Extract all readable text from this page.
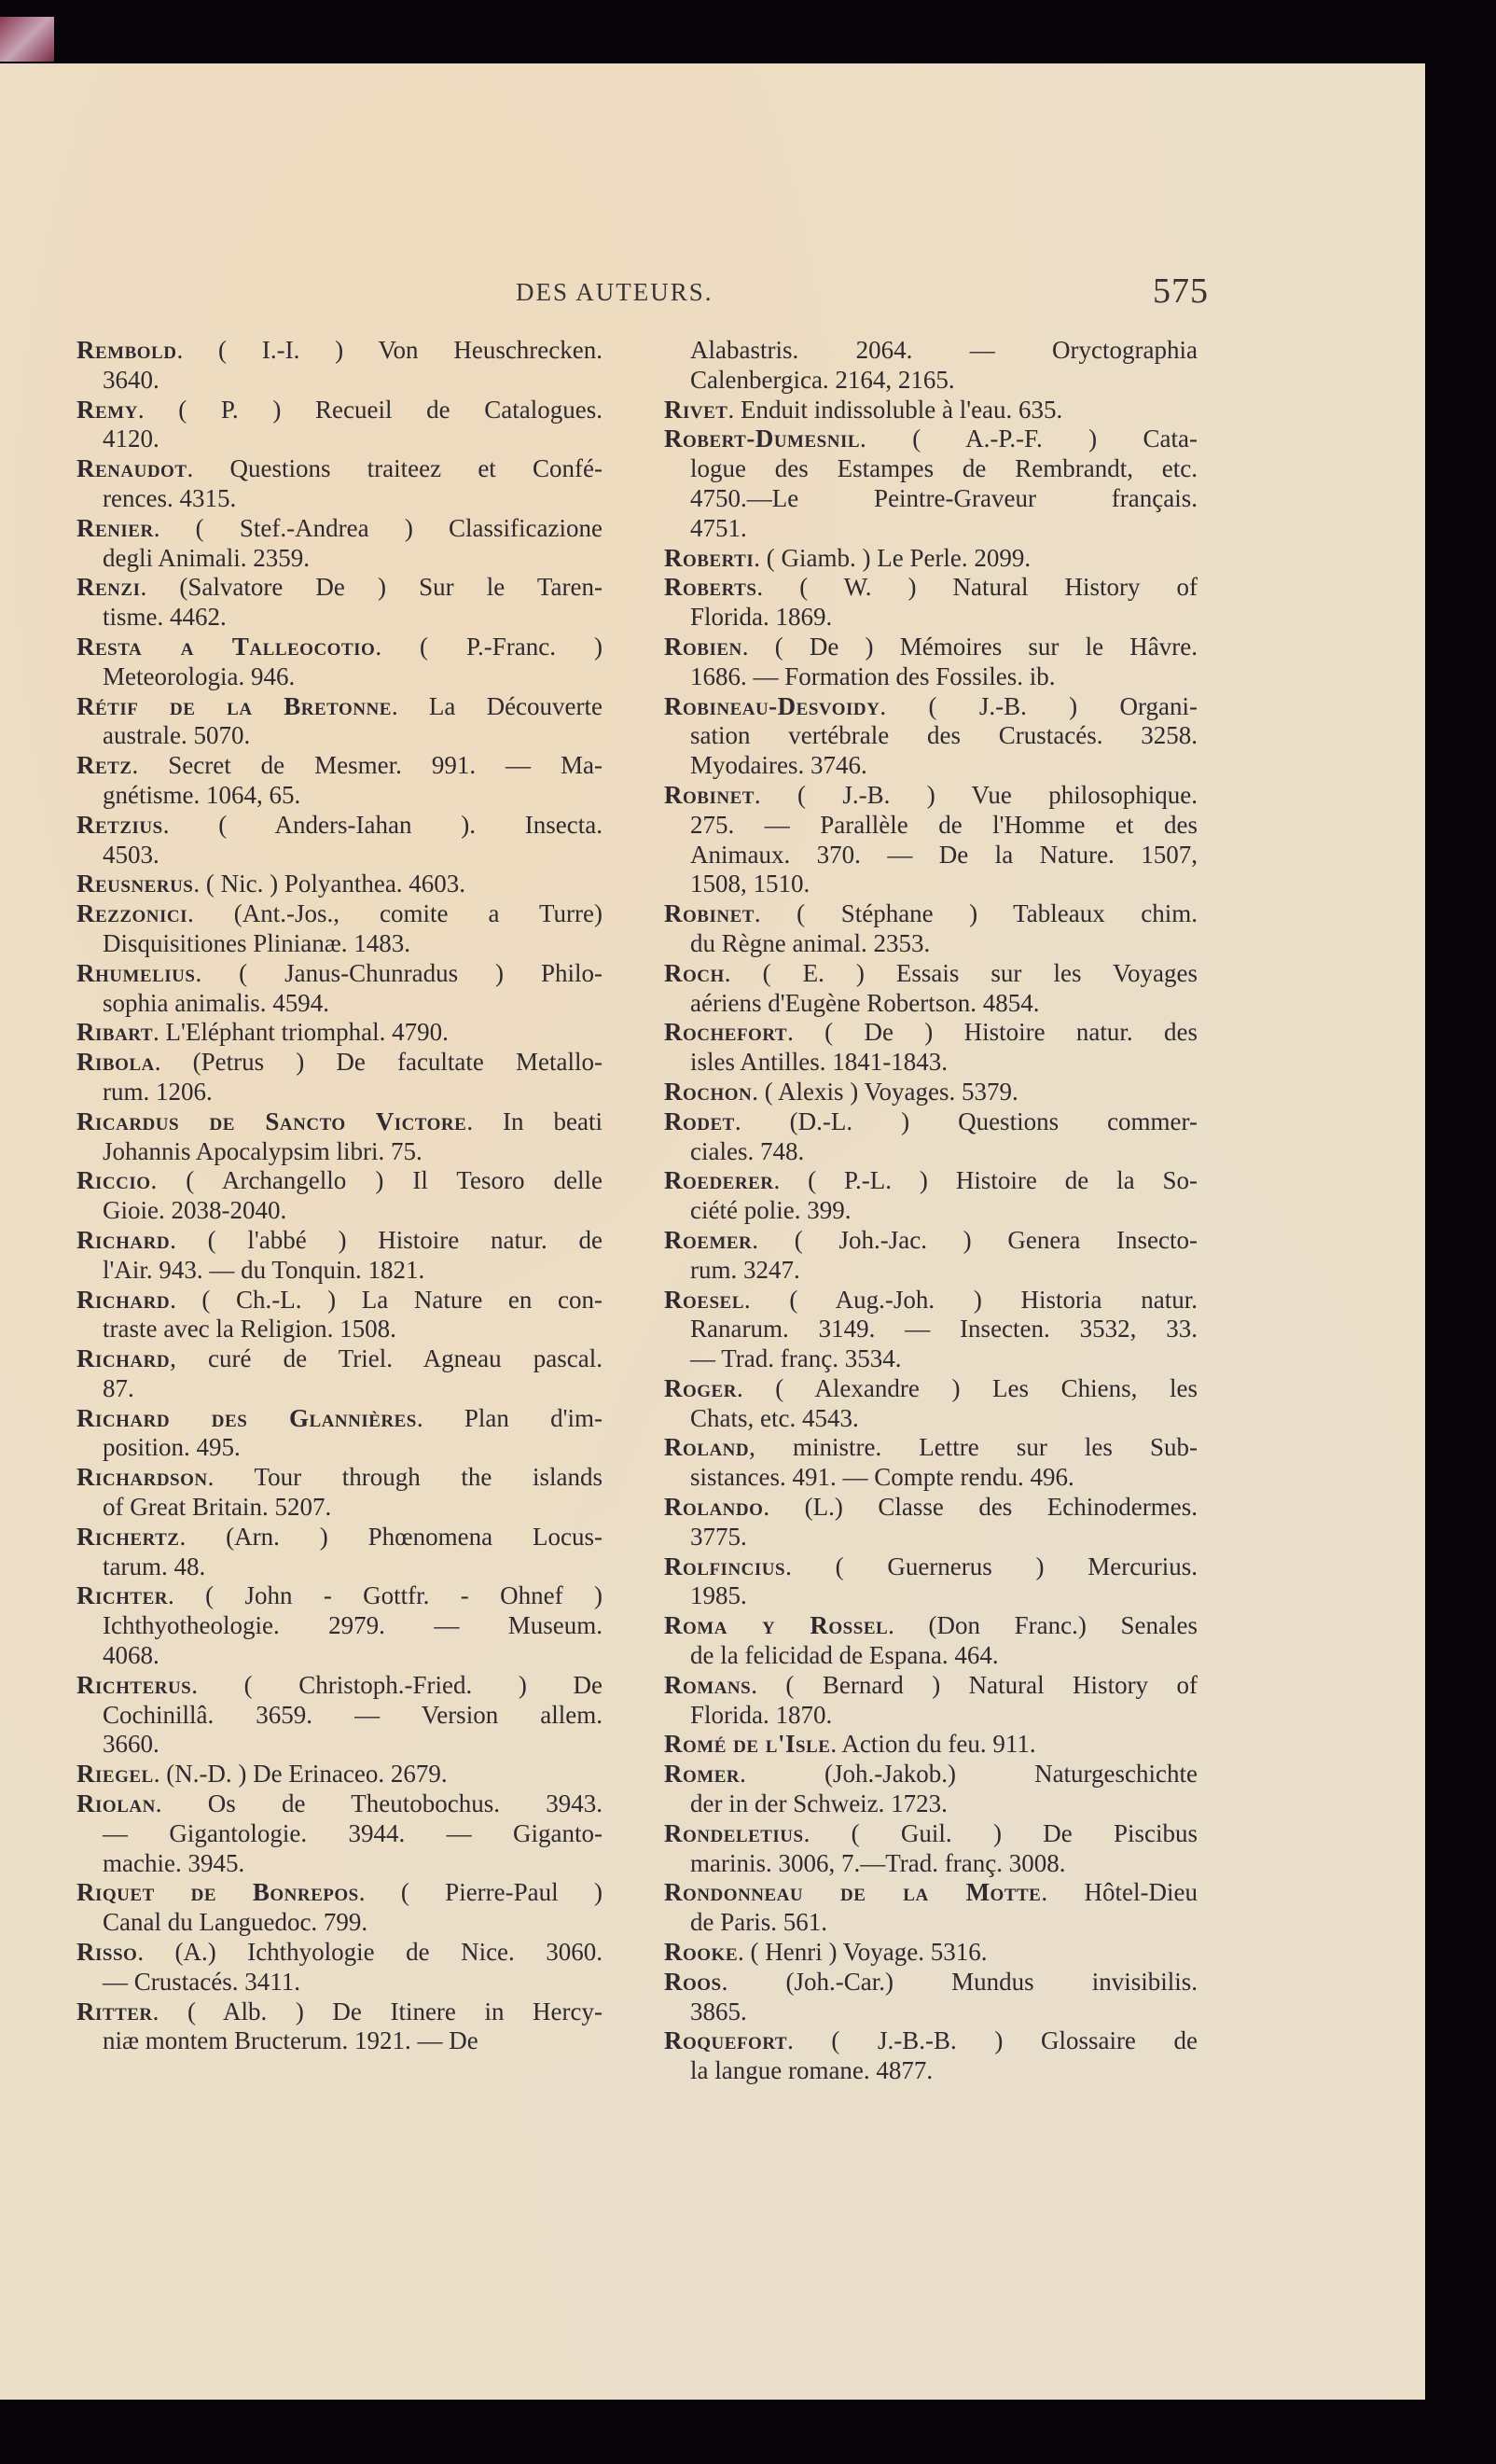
DES AUTEURS.	575
Rembold. ( I.-I. ) Von Heuschrecken.
3640.
Remy. ( P. ) Recueil de Catalogues.
4120.
Renaudot. Questions traiteez et Confé-
rences. 4315.
Renier. ( Stef.-Andrea ) Classificazione
degli Animali. 2359.
Renzi. (Salvatore De ) Sur le Taren-
tisme. 4462.
Resta a Talleocotio. ( P.-Franc. )
Meteorologia. 946.
Rétif de la Bretonne. La Découverte
australe. 5070.
Retz. Secret de Mesmer. 991. — Ma-
gnétisme. 1064, 65.
Retzius. ( Anders-Iahan ). Insecta.
4503.
Reusnerus. ( Nic. ) Polyanthea. 4603.
Rezzonici. (Ant.-Jos., comite a Turre)
Disquisitiones Plinianæ. 1483.
Rhumelius. ( Janus-Chunradus ) Philo-
sophia animalis. 4594.
Ribart. L'Eléphant triomphal. 4790.
Ribola. (Petrus ) De facultate Metallo-
rum. 1206.
Ricardus de Sancto Victore. In beati
Johannis Apocalypsim libri. 75.
Riccio. ( Archangello ) Il Tesoro delle
Gioie. 2038-2040.
Richard. ( l'abbé ) Histoire natur. de
l'Air. 943. — du Tonquin. 1821.
Richard. ( Ch.-L. ) La Nature en con-
traste avec la Religion. 1508.
Richard, curé de Triel. Agneau pascal.
87.
Richard des Glannières. Plan d'im-
position. 495.
Richardson. Tour through the islands
of Great Britain. 5207.
Richertz. (Arn. ) Phœnomena Locus-
tarum. 48.
Richter. ( John - Gottfr. - Ohnef )
Ichthyotheologie. 2979. — Museum.
4068.
Richterus. ( Christoph.-Fried. ) De
Cochinillâ. 3659. — Version allem.
3660.
Riegel. (N.-D. ) De Erinaceo. 2679.
Riolan. Os de Theutobochus. 3943.
— Gigantologie. 3944. — Giganto-
machie. 3945.
Riquet de Bonrepos. ( Pierre-Paul )
Canal du Languedoc. 799.
Risso. (A.) Ichthyologie de Nice. 3060.
— Crustacés. 3411.
Ritter. ( Alb. ) De Itinere in Hercy-
niæ montem Bructerum. 1921. — De
Alabastris. 2064. — Oryctographia
Calenbergica. 2164, 2165.
Rivet. Enduit indissoluble à l'eau. 635.
Robert-Dumesnil. ( A.-P.-F. ) Cata-
logue des Estampes de Rembrandt, etc.
4750.—Le Peintre-Graveur français.
4751.
Roberti. ( Giamb. ) Le Perle. 2099.
Roberts. ( W. ) Natural History of
Florida. 1869.
Robien. ( De ) Mémoires sur le Hâvre.
1686. — Formation des Fossiles. ib.
Robineau-Desvoidy. ( J.-B. ) Organi-
sation vertébrale des Crustacés. 3258.
Myodaires. 3746.
Robinet. ( J.-B. ) Vue philosophique.
275. — Parallèle de l'Homme et des
Animaux. 370. — De la Nature. 1507,
1508, 1510.
Robinet. ( Stéphane ) Tableaux chim.
du Règne animal. 2353.
Roch. ( E. ) Essais sur les Voyages
aériens d'Eugène Robertson. 4854.
Rochefort. ( De ) Histoire natur. des
isles Antilles. 1841-1843.
Rochon. ( Alexis ) Voyages. 5379.
Rodet. (D.-L. ) Questions commer-
ciales. 748.
Roederer. ( P.-L. ) Histoire de la So-
ciété polie. 399.
Roemer. ( Joh.-Jac. ) Genera Insecto-
rum. 3247.
Roesel. ( Aug.-Joh. ) Historia natur.
Ranarum. 3149. — Insecten. 3532, 33.
— Trad. franç. 3534.
Roger. ( Alexandre ) Les Chiens, les
Chats, etc. 4543.
Roland, ministre. Lettre sur les Sub-
sistances. 491. — Compte rendu. 496.
Rolando. (L.) Classe des Echinodermes.
3775.
Rolfincius. ( Guernerus ) Mercurius.
1985.
Roma y Rossel. (Don Franc.) Senales
de la felicidad de Espana. 464.
Romans. ( Bernard ) Natural History of
Florida. 1870.
Romé de l'Isle. Action du feu. 911.
Romer. (Joh.-Jakob.) Naturgeschichte
der in der Schweiz. 1723.
Rondeletius. ( Guil. ) De Piscibus
marinis. 3006, 7.—Trad. franç. 3008.
Rondonneau de la Motte. Hôtel-Dieu
de Paris. 561.
Rooke. ( Henri ) Voyage. 5316.
Roos. (Joh.-Car.) Mundus invisibilis.
3865.
Roquefort. ( J.-B.-B. ) Glossaire de
la langue romane. 4877.
